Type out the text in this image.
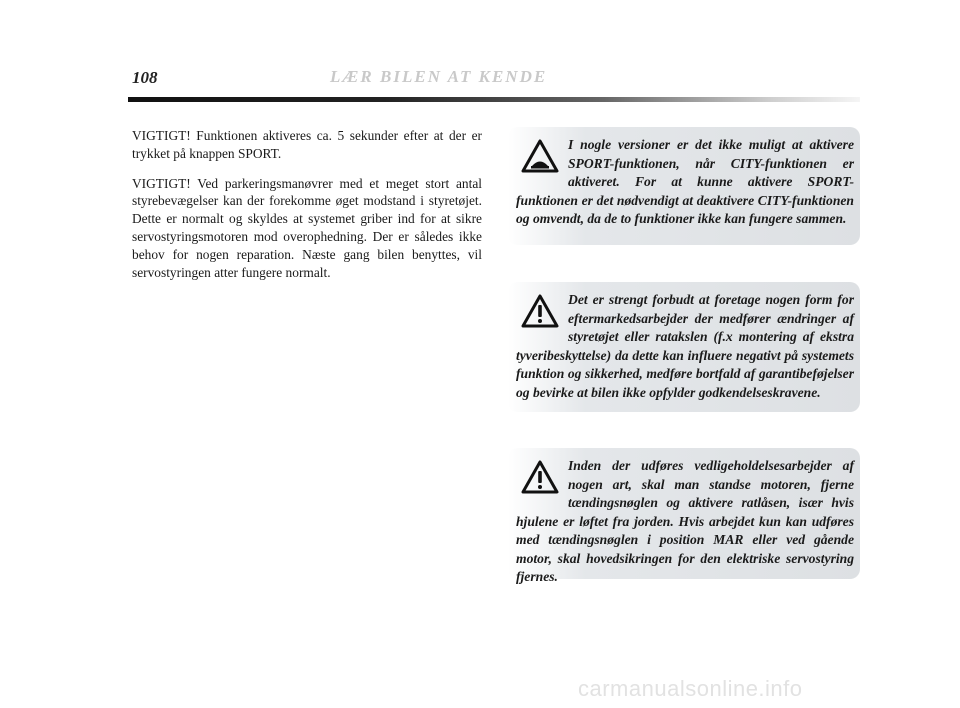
108	LÆR BILEN AT KENDE

VIGTIGT! Funktionen aktiveres ca. 5 sekunder efter at der er trykket på knappen SPORT.

VIGTIGT! Ved parkeringsmanøvrer med et meget stort antal styrebevægelser kan der forekomme øget modstand i styretøjet. Dette er normalt og skyldes at systemet griber ind for at sikre servostyringsmotoren mod overophedning. Der er således ikke behov for nogen reparation. Næste gang bilen benyttes, vil servostyringen atter fungere normalt.

I nogle versioner er det ikke muligt at aktivere SPORT-funktionen, når CITY-funktionen er aktiveret. For at kunne aktivere SPORT-funktionen er det nødvendigt at deaktivere CITY-funktionen og omvendt, da de to funktioner ikke kan fungere sammen.
Det er strengt forbudt at foretage nogen form for eftermarkedsarbejder der medfører ændringer af styretøjet eller ratakslen (f.x montering af ekstra tyveribeskyttelse) da dette kan influere negativt på systemets funktion og sikkerhed, medføre bortfald af garantibeføjelser og bevirke at bilen ikke opfylder godkendelseskravene.
Inden der udføres vedligeholdelsesarbejder af nogen art, skal man standse motoren, fjerne tændingsnøglen og aktivere ratlåsen, især hvis hjulene er løftet fra jorden. Hvis arbejdet kun kan udføres med tændingsnøglen i position MAR eller ved gående motor, skal hovedsikringen for den elektriske servostyring fjernes.
carmanualsonline.info
